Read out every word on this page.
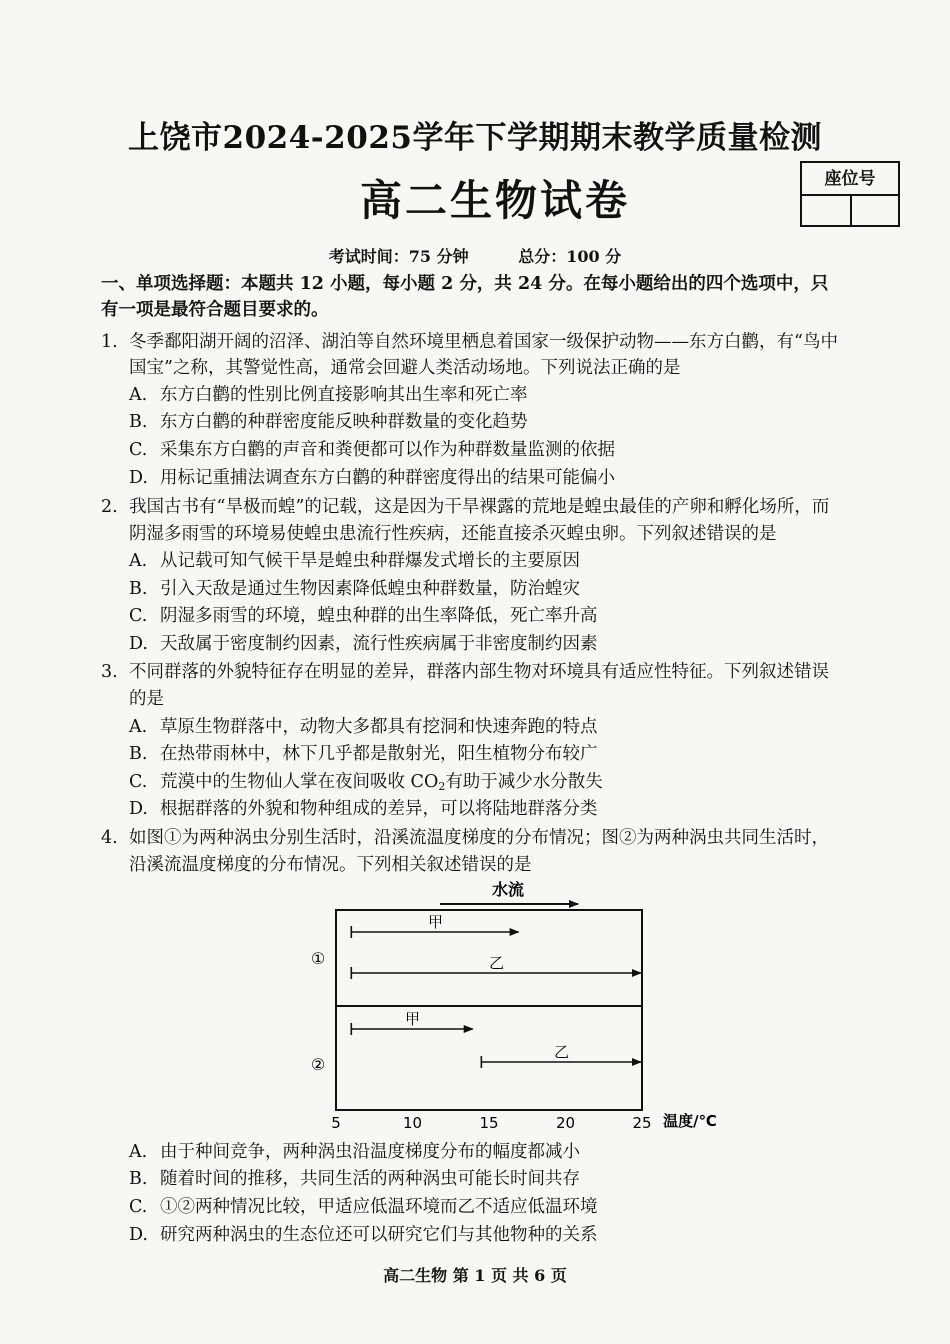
上饶市2024-2025学年下学期期末教学质量检测
高二生物试卷	座位号
考试时间：75 分钟	总分：100 分
一、单项选择题：本题共 12 小题，每小题 2 分，共 24 分。在每小题给出的四个选项中，只
有一项是最符合题目要求的。
1. 冬季鄱阳湖开阔的沼泽、湖泊等自然环境里栖息着国家一级保护动物——东方白鹳，有“鸟中
国宝”之称，其警觉性高，通常会回避人类活动场地。下列说法正确的是
A. 东方白鹳的性别比例直接影响其出生率和死亡率
B. 东方白鹳的种群密度能反映种群数量的变化趋势
C. 采集东方白鹳的声音和粪便都可以作为种群数量监测的依据
D. 用标记重捕法调查东方白鹳的种群密度得出的结果可能偏小
2. 我国古书有“旱极而蝗”的记载，这是因为干旱裸露的荒地是蝗虫最佳的产卵和孵化场所，而
阴湿多雨雪的环境易使蝗虫患流行性疾病，还能直接杀灭蝗虫卵。下列叙述错误的是
A. 从记载可知气候干旱是蝗虫种群爆发式增长的主要原因
B. 引入天敌是通过生物因素降低蝗虫种群数量，防治蝗灾
C. 阴湿多雨雪的环境，蝗虫种群的出生率降低，死亡率升高
D. 天敌属于密度制约因素，流行性疾病属于非密度制约因素
3. 不同群落的外貌特征存在明显的差异，群落内部生物对环境具有适应性特征。下列叙述错误
的是
A. 草原生物群落中，动物大多都具有挖洞和快速奔跑的特点
B. 在热带雨林中，林下几乎都是散射光，阳生植物分布较广
C. 荒漠中的生物仙人掌在夜间吸收 $CO_2$有助于减少水分散失
D. 根据群落的外貌和物种组成的差异，可以将陆地群落分类
4. 如图①为两种涡虫分别生活时，沿溪流温度梯度的分布情况；图②为两种涡虫共同生活时，
沿溪流温度梯度的分布情况。下列相关叙述错误的是
水流
①
甲
乙
②
甲
乙
5	10	15	20	25 温度/℃
A. 由于种间竞争，两种涡虫沿温度梯度分布的幅度都减小
B. 随着时间的推移，共同生活的两种涡虫可能长时间共存
C. ①②两种情况比较，甲适应低温环境而乙不适应低温环境
D. 研究两种涡虫的生态位还可以研究它们与其他物种的关系
高二生物 第 1 页 共 6 页
